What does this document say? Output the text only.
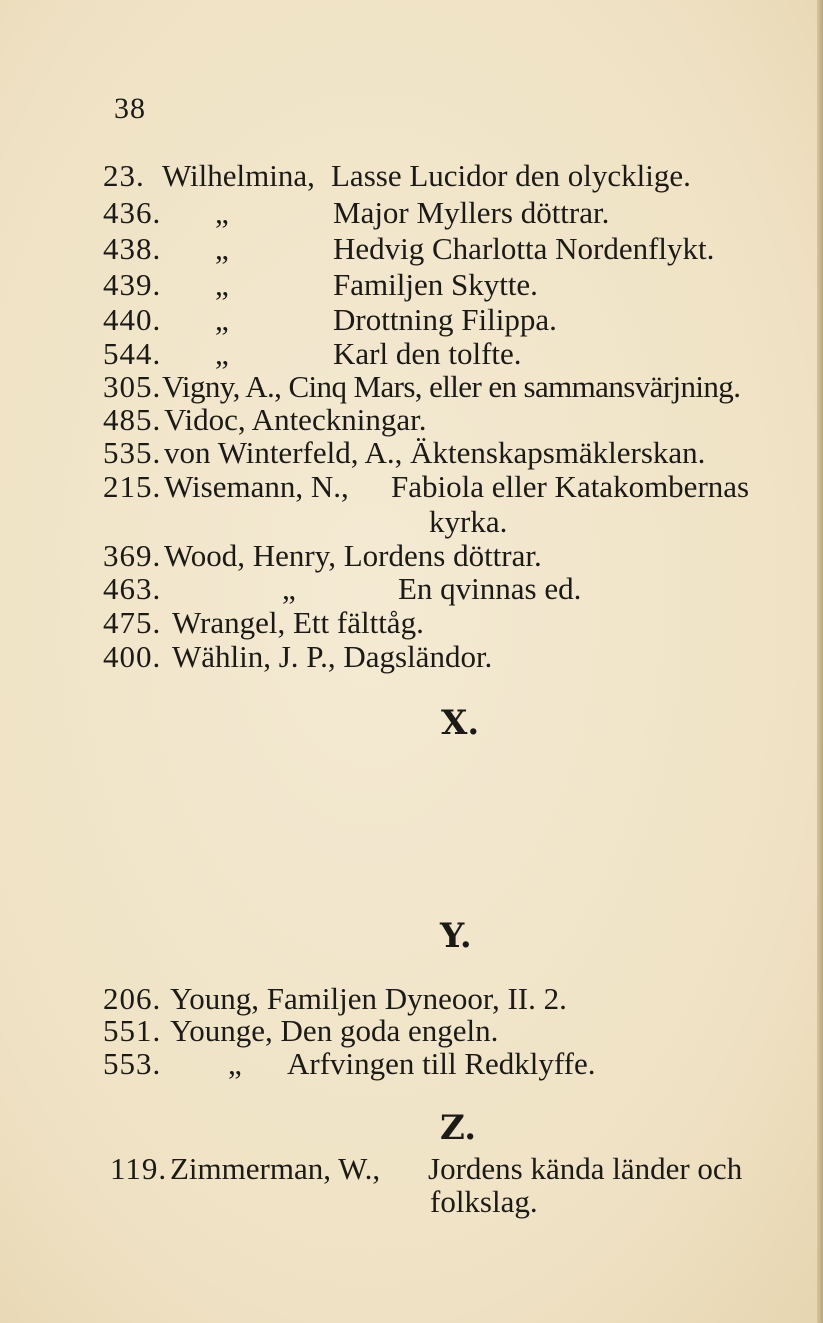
38
23. Wilhelmina, Lasse Lucidor den olycklige.
436. „	Major Myllers döttrar.
438. „	Hedvig Charlotta Nordenflykt.
439. „	Familjen Skytte.
440. „	Drottning Filippa.
544. „	Karl den tolfte.
305. Vigny, A., Cinq Mars, eller en sammansvärjning.
485. Vidoc, Anteckningar.
535. von Winterfeld, A., Äktenskapsmäklerskan.
215. Wisemann, N., Fabiola eller Katakombernas
kyrka.
369. Wood, Henry, Lordens döttrar.
463.	„	En qvinnas ed.
475. Wrangel, Ett fälttåg.
400. Wählin, J. P., Dagsländor.
X.
Y.
206. Young, Familjen Dyneoor, II. 2.
551. Younge, Den goda engeln.
553. „ Arfvingen till Redklyffe.
Z.
119. Zimmerman, W., Jordens kända länder och
folkslag.
